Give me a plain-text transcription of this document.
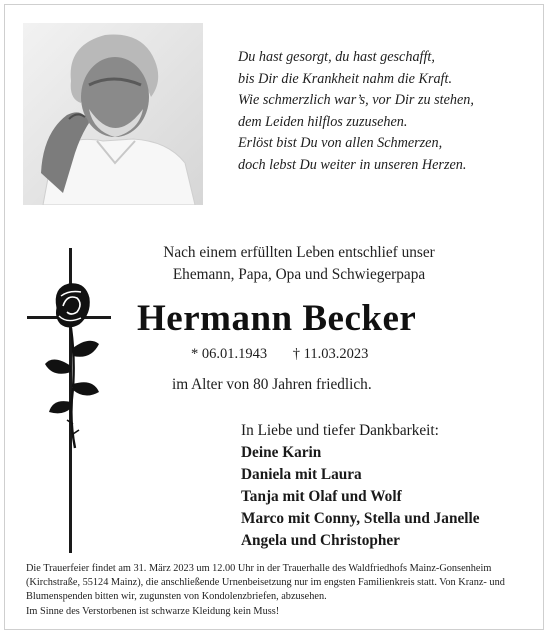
Du hast gesorgt, du hast geschafft,
bis Dir die Krankheit nahm die Kraft.
Wie schmerzlich war’s, vor Dir zu stehen,
dem Leiden hilflos zuzusehen.
Erlöst bist Du von allen Schmerzen,
doch lebst Du weiter in unseren Herzen.
Nach einem erfüllten Leben entschlief unser
Ehemann, Papa, Opa und Schwiegerpapa
Hermann Becker
* 06.01.1943 † 11.03.2023
im Alter von 80 Jahren friedlich.
In Liebe und tiefer Dankbarkeit:
Deine Karin
Daniela mit Laura
Tanja mit Olaf und Wolf
Marco mit Conny, Stella und Janelle
Angela und Christopher
Die Trauerfeier findet am 31. März 2023 um 12.00 Uhr in der Trauerhalle des Waldfriedhofs Mainz-Gonsenheim (Kirchstraße, 55124 Mainz), die anschließende Urnenbeisetzung nur im engsten Familienkreis statt. Von Kranz- und Blumenspenden bitten wir, zugunsten von Kondolenzbriefen, abzusehen.
Im Sinne des Verstorbenen ist schwarze Kleidung kein Muss!
